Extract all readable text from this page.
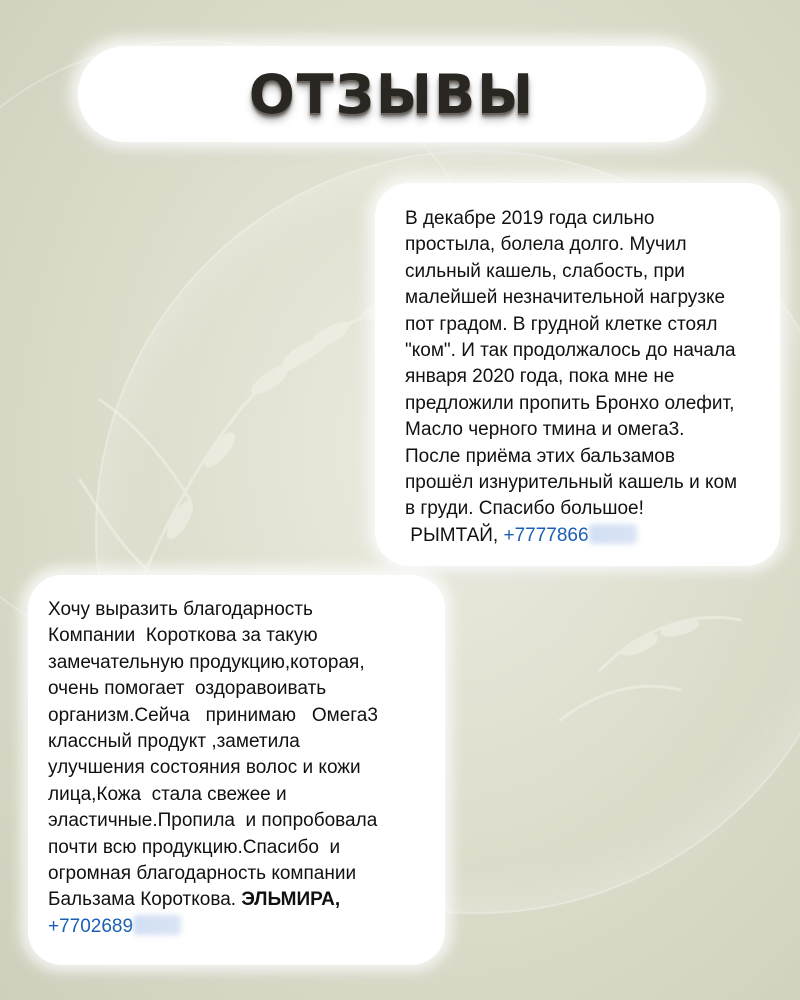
ОТЗЫВЫ
В декабре 2019 года сильно
простыла, болела долго. Мучил
сильный кашель, слабость, при
малейшей незначительной нагрузке
пот градом. В грудной клетке стоял
"ком". И так продолжалось до начала
января 2020 года, пока мне не
предложили пропить Бронхо олефит,
Масло черного тмина и омега3.
После приёма этих бальзамов
прошёл изнурительный кашель и ком
в груди. Спасибо большое!
РЫМТАЙ, +7777866
Хочу выразить благодарность
Компании  Короткова за такую
замечательную продукцию,которая,
очень помогает  оздоравоивать
организм.Сейча   принимаю   Омега3
классный продукт ,заметила
улучшения состояния волос и кожи
лица,Кожа  стала свежее и
эластичные.Пропила  и попробовала
почти всю продукцию.Спасибо  и
огромная благодарность компании
Бальзама Короткова. ЭЛЬМИРА,
+7702689
